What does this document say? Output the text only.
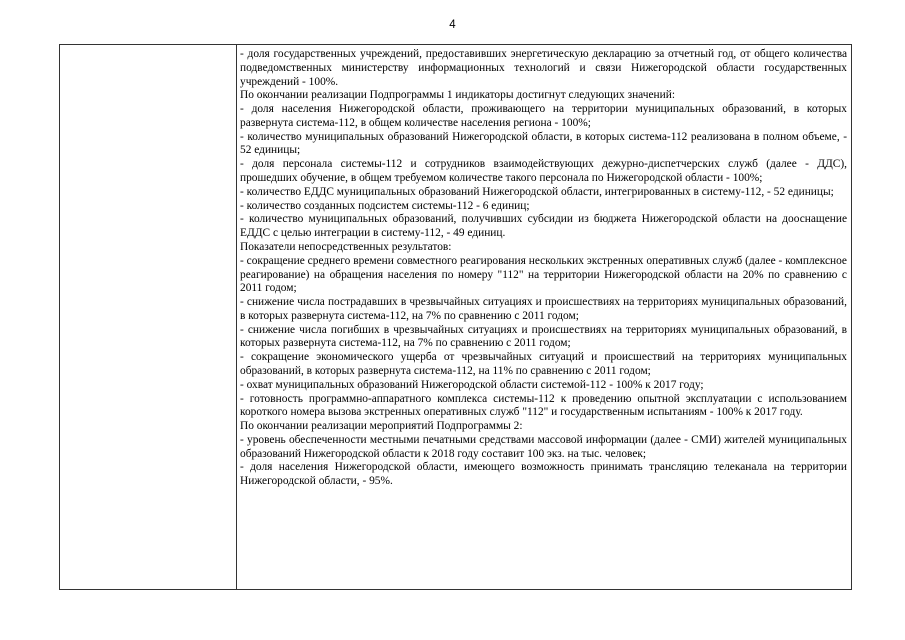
4

- доля государственных учреждений, предоставивших энергетическую декларацию за отчетный год, от общего количества подведомственных министерству информационных технологий и связи Нижегородской области государственных учреждений - 100%.

По окончании реализации Подпрограммы 1 индикаторы достигнут следующих значений:

- доля населения Нижегородской области, проживающего на территории муниципальных образований, в которых развернута система-112, в общем количестве населения региона - 100%;

- количество муниципальных образований Нижегородской области, в которых система-112 реализована в полном объеме, - 52 единицы;

- доля персонала системы-112 и сотрудников взаимодействующих дежурно-диспетчерских служб (далее - ДДС), прошедших обучение, в общем требуемом количестве такого персонала по Нижегородской области - 100%;

- количество ЕДДС муниципальных образований Нижегородской области, интегрированных в систему-112, - 52 единицы;

- количество созданных подсистем системы-112 - 6 единиц;

- количество муниципальных образований, получивших субсидии из бюджета Нижегородской области на дооснащение ЕДДС с целью интеграции в систему-112, - 49 единиц.

Показатели непосредственных результатов:

- сокращение среднего времени совместного реагирования нескольких экстренных оперативных служб (далее - комплексное реагирование) на обращения населения по номеру "112" на территории Нижегородской области на 20% по сравнению с 2011 годом;

- снижение числа пострадавших в чрезвычайных ситуациях и происшествиях на территориях муниципальных образований, в которых развернута система-112, на 7% по сравнению с 2011 годом;

- снижение числа погибших в чрезвычайных ситуациях и происшествиях на территориях муниципальных образований, в которых развернута система-112, на 7% по сравнению с 2011 годом;

- сокращение экономического ущерба от чрезвычайных ситуаций и происшествий на территориях муниципальных образований, в которых развернута система-112, на 11% по сравнению с 2011 годом;

- охват муниципальных образований Нижегородской области системой-112 - 100% к 2017 году;

- готовность программно-аппаратного комплекса системы-112 к проведению опытной эксплуатации с использованием короткого номера вызова экстренных оперативных служб "112" и государственным испытаниям - 100% к 2017 году.

По окончании реализации мероприятий Подпрограммы 2:

- уровень обеспеченности местными печатными средствами массовой информации (далее - СМИ) жителей муниципальных образований Нижегородской области к 2018 году составит 100 экз. на тыс. человек;

- доля населения Нижегородской области, имеющего возможность принимать трансляцию телеканала на территории Нижегородской области, - 95%.
